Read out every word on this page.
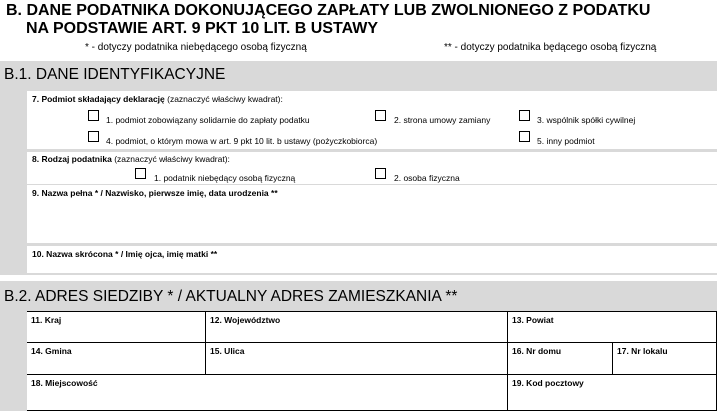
B. DANE PODATNIKA DOKONUJĄCEGO ZAPŁATY LUB ZWOLNIONEGO Z PODATKU
NA PODSTAWIE ART. 9 PKT 10 LIT. B USTAWY
* - dotyczy podatnika niebędącego osobą fizyczną	** - dotyczy podatnika będącego osobą fizyczną
B.1. DANE IDENTYFIKACYJNE
7. Podmiot składający deklarację (zaznaczyć właściwy kwadrat):
1. podmiot zobowiązany solidarnie do zapłaty podatku	2. strona umowy zamiany	3. wspólnik spółki cywilnej
4. podmiot, o którym mowa w art. 9 pkt 10 lit. b ustawy (pożyczkobiorca)	5. inny podmiot
8. Rodzaj podatnika (zaznaczyć właściwy kwadrat):
1. podatnik niebędący osobą fizyczną	2. osoba fizyczna
9. Nazwa pełna * / Nazwisko, pierwsze imię, data urodzenia **
10. Nazwa skrócona * / Imię ojca, imię matki **
B.2. ADRES SIEDZIBY * / AKTUALNY ADRES ZAMIESZKANIA **
11. Kraj	12. Województwo	13. Powiat
14. Gmina	15. Ulica	16. Nr domu	17. Nr lokalu
18. Miejscowość	19. Kod pocztowy
